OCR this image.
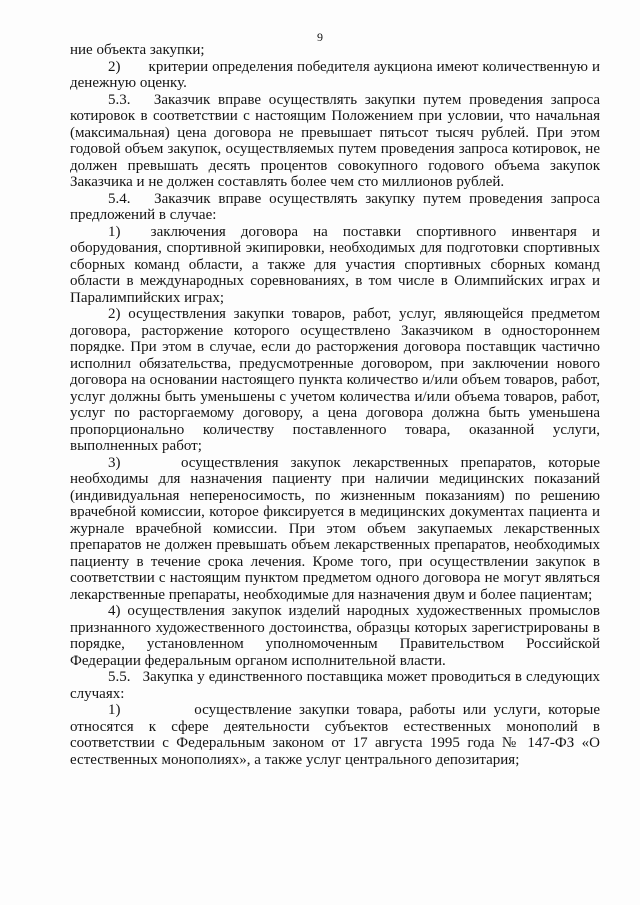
9

ние объекта закупки;

2)       критерии определения победителя аукциона имеют количественную и денежную оценку.

5.3.   Заказчик вправе осуществлять закупки путем проведения запроса котировок в соответствии с настоящим Положением при условии, что начальная (максимальная) цена договора не превышает пятьсот тысяч рублей. При этом годовой объем закупок, осуществляемых путем проведения запроса котировок, не должен превышать десять процентов совокупного годового объема закупок Заказчика и не должен составлять более чем сто миллионов рублей.

5.4.   Заказчик вправе осуществлять закупку путем проведения запроса предложений в случае:

1)  заключения договора на поставки спортивного инвентаря и оборудования, спортивной экипировки, необходимых для подготовки спортивных сборных команд области, а также для участия спортивных сборных команд области в международных соревнованиях, в том числе в Олимпийских играх и Паралимпийских играх;

2) осуществления закупки товаров, работ, услуг, являющейся предметом договора, расторжение которого осуществлено Заказчиком в одностороннем порядке. При этом в случае, если до расторжения договора поставщик частично исполнил обязательства, предусмотренные договором, при заключении нового договора на основании настоящего пункта количество и/или объем товаров, работ, услуг должны быть уменьшены с учетом количества и/или объема товаров, работ, услуг по расторгаемому договору, а цена договора должна быть уменьшена пропорционально количеству поставленного товара, оказанной услуги, выполненных работ;

3)     осуществления закупок лекарственных препаратов, которые необходимы для назначения пациенту при наличии медицинских показаний (индивидуальная непереносимость, по жизненным показаниям) по решению врачебной комиссии, которое фиксируется в медицинских документах пациента и журнале врачебной комиссии. При этом объем закупаемых лекарственных препаратов не должен превышать объем лекарственных препаратов, необходимых пациенту в течение срока лечения. Кроме того, при осуществлении закупок в соответствии с настоящим пунктом предметом одного договора не могут являться лекарственные препараты, необходимые для назначения двум и более пациентам;

4) осуществления закупок изделий народных художественных промыслов признанного художественного достоинства, образцы которых зарегистрированы в порядке, установленном уполномоченным Правительством Российской Федерации федеральным органом исполнительной власти.

5.5.   Закупка у единственного поставщика может проводиться в следующих случаях:

1)          осуществление закупки товара, работы или услуги, которые относятся к сфере деятельности субъектов естественных монополий в соответствии с Федеральным законом от 17 августа 1995 года № 147-ФЗ «О естественных монополиях», а также услуг центрального депозитария;
